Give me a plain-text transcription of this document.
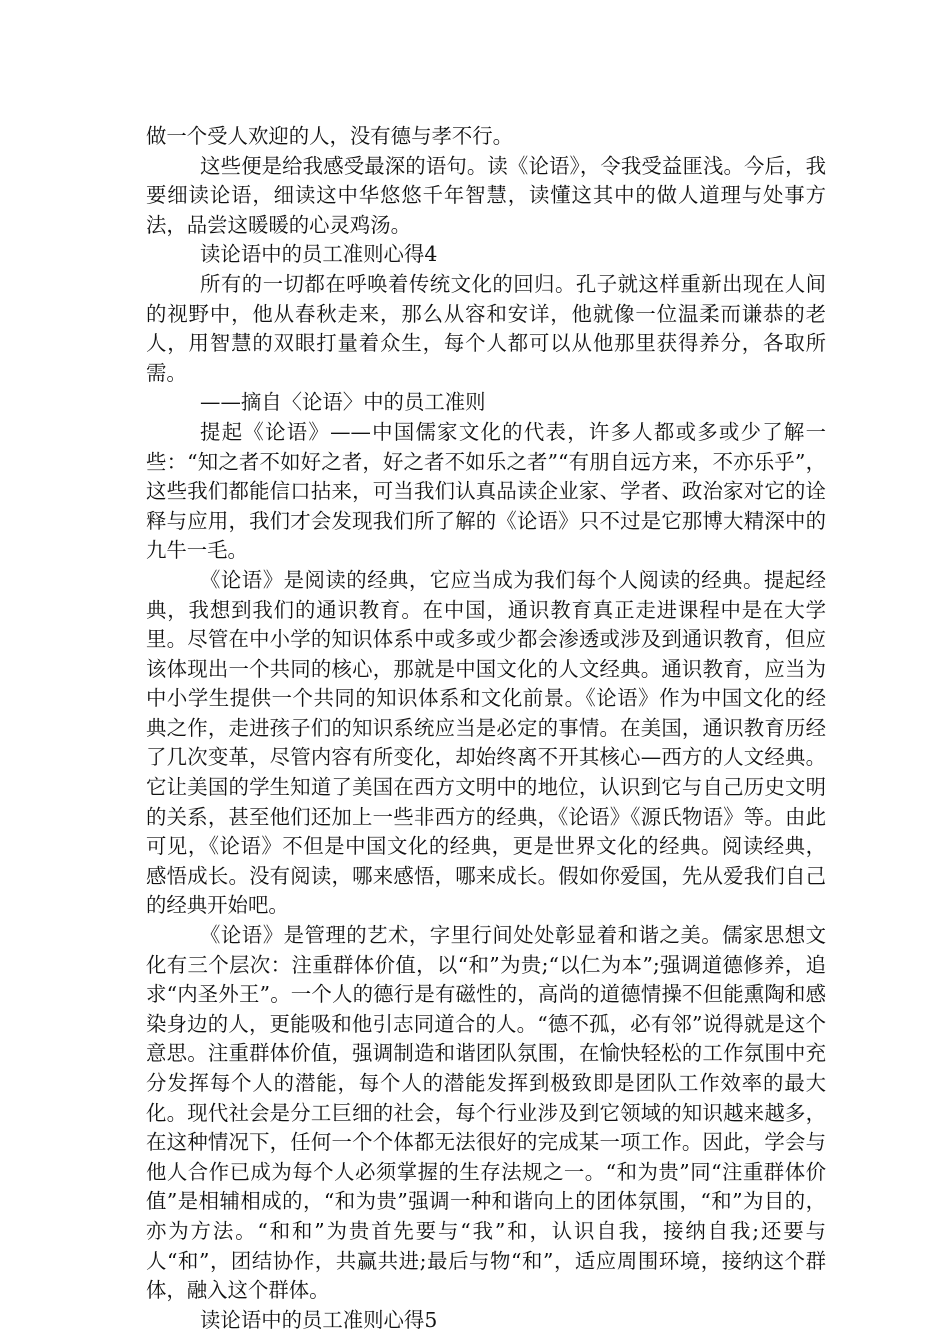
做一个受人欢迎的人，没有德与孝不行。

这些便是给我感受最深的语句。读《论语》，令我受益匪浅。今后，我要细读论语，细读这中华悠悠千年智慧，读懂这其中的做人道理与处事方法，品尝这暖暖的心灵鸡汤。

读论语中的员工准则心得4

所有的一切都在呼唤着传统文化的回归。孔子就这样重新出现在人间的视野中，他从春秋走来，那么从容和安详，他就像一位温柔而谦恭的老人，用智慧的双眼打量着众生，每个人都可以从他那里获得养分，各取所需。

——摘自〈论语〉中的员工准则

提起《论语》——中国儒家文化的代表，许多人都或多或少了解一些：“知之者不如好之者，好之者不如乐之者”“有朋自远方来，不亦乐乎”，这些我们都能信口拈来，可当我们认真品读企业家、学者、政治家对它的诠释与应用，我们才会发现我们所了解的《论语》只不过是它那博大精深中的九牛一毛。

《论语》是阅读的经典，它应当成为我们每个人阅读的经典。提起经典，我想到我们的通识教育。在中国，通识教育真正走进课程中是在大学里。尽管在中小学的知识体系中或多或少都会渗透或涉及到通识教育，但应该体现出一个共同的核心，那就是中国文化的人文经典。通识教育，应当为中小学生提供一个共同的知识体系和文化前景。《论语》作为中国文化的经典之作，走进孩子们的知识系统应当是必定的事情。在美国，通识教育历经了几次变革，尽管内容有所变化，却始终离不开其核心—西方的人文经典。它让美国的学生知道了美国在西方文明中的地位，认识到它与自己历史文明的关系，甚至他们还加上一些非西方的经典，《论语》《源氏物语》等。由此可见，《论语》不但是中国文化的经典，更是世界文化的经典。阅读经典，感悟成长。没有阅读，哪来感悟，哪来成长。假如你爱国，先从爱我们自己的经典开始吧。

《论语》是管理的艺术，字里行间处处彰显着和谐之美。儒家思想文化有三个层次：注重群体价值，以“和”为贵;“以仁为本”;强调道德修养，追求“内圣外王”。一个人的德行是有磁性的，高尚的道德情操不但能熏陶和感染身边的人，更能吸和他引志同道合的人。“德不孤，必有邻”说得就是这个意思。注重群体价值，强调制造和谐团队氛围，在愉快轻松的工作氛围中充分发挥每个人的潜能，每个人的潜能发挥到极致即是团队工作效率的最大化。现代社会是分工巨细的社会，每个行业涉及到它领域的知识越来越多，在这种情况下，任何一个个体都无法很好的完成某一项工作。因此，学会与他人合作已成为每个人必须掌握的生存法规之一。“和为贵”同“注重群体价值”是相辅相成的，“和为贵”强调一种和谐向上的团体氛围，“和”为目的，亦为方法。“和和”为贵首先要与“我”和，认识自我，接纳自我;还要与人“和”，团结协作，共赢共进;最后与物“和”，适应周围环境，接纳这个群体，融入这个群体。

读论语中的员工准则心得5
